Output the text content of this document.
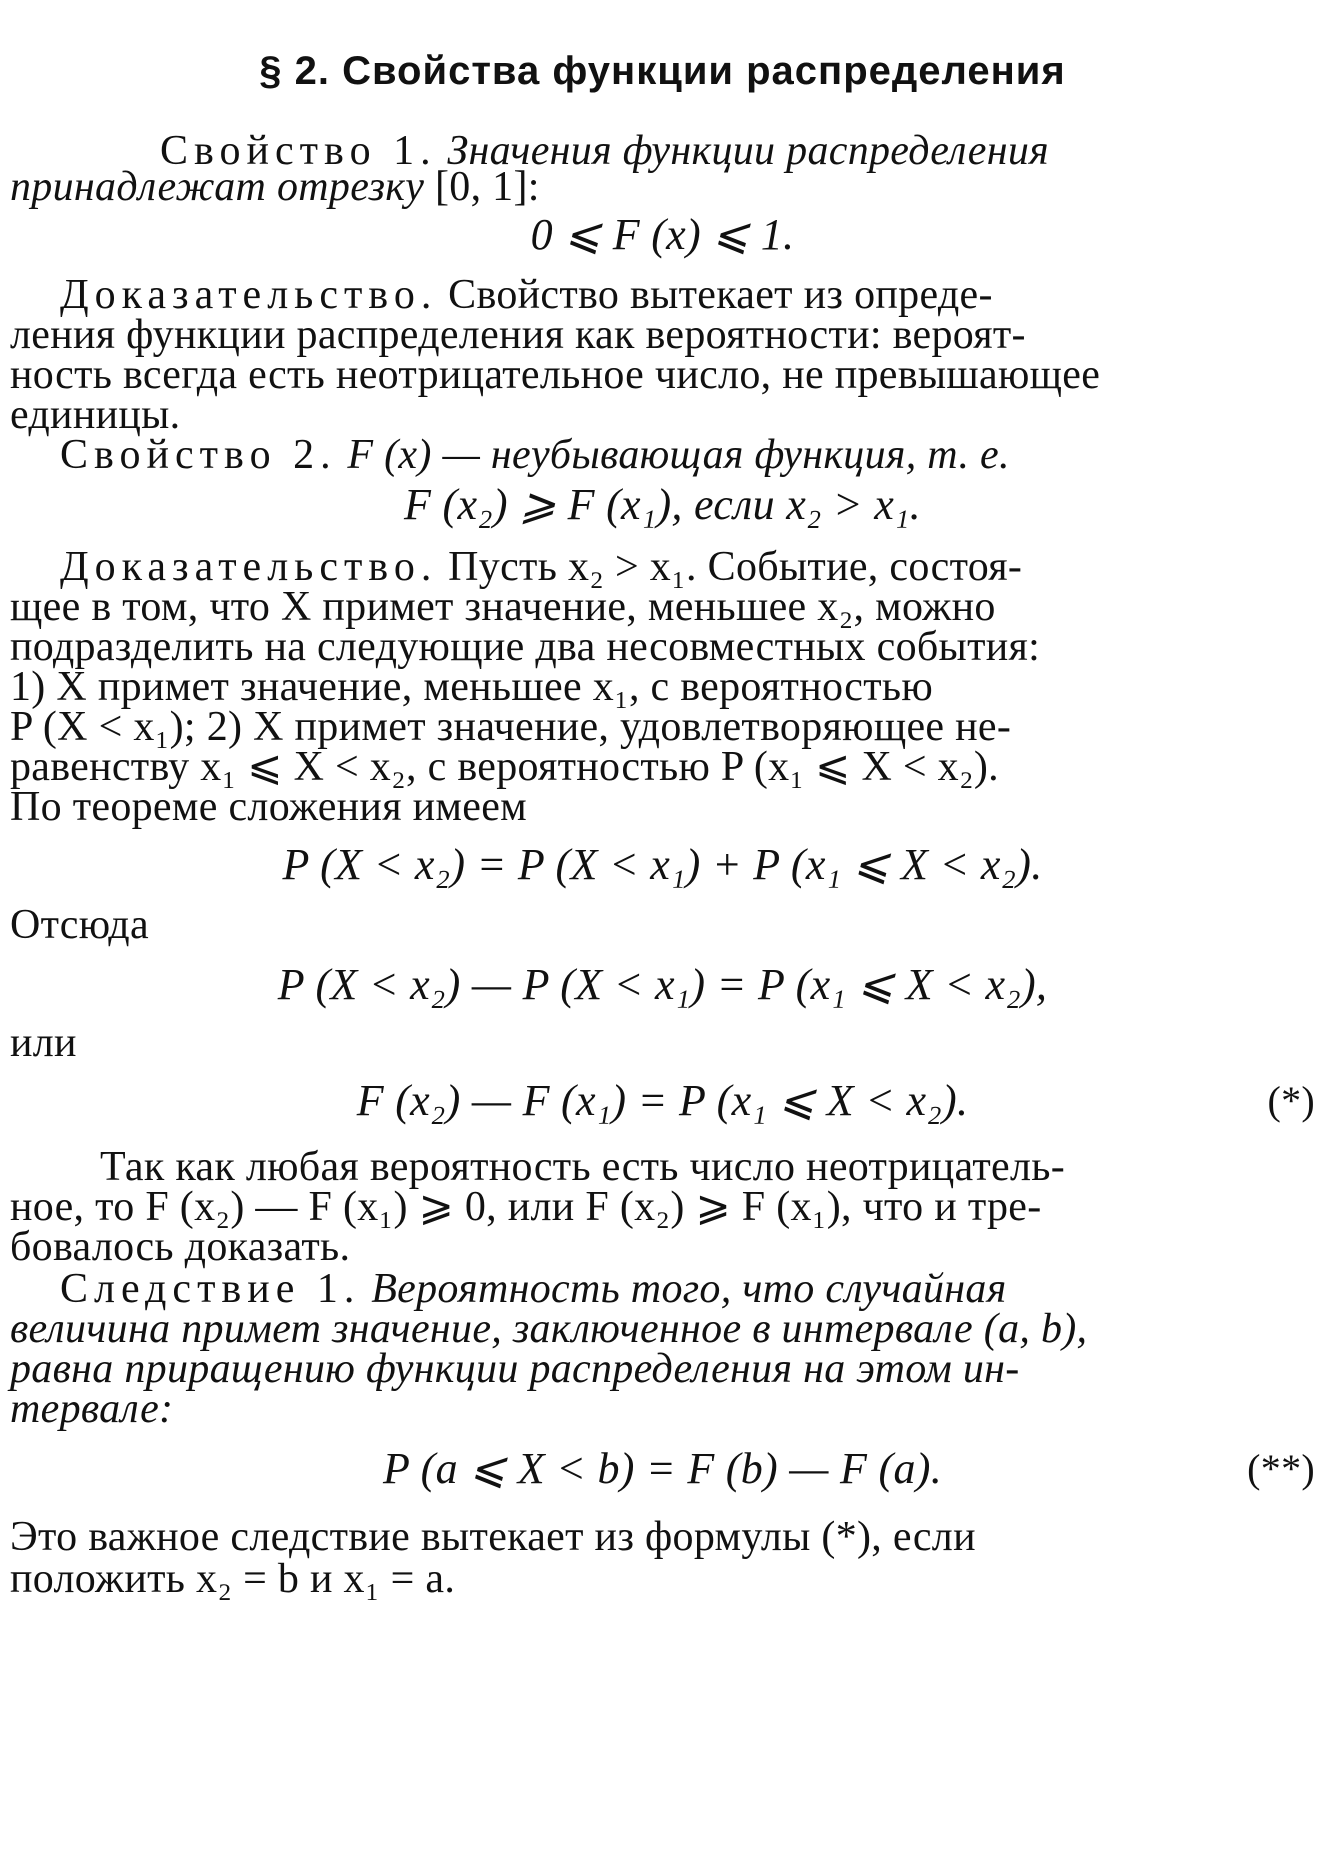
§ 2. Свойства функции распределения
Свойство 1. Значения функции распределения
принадлежат отрезку [0, 1]:
0 ⩽ F (x) ⩽ 1.
Доказательство. Свойство вытекает из опреде-
ления функции распределения как вероятности: вероят-
ность всегда есть неотрицательное число, не превышающее
единицы.
Свойство 2. F (x) — неубывающая функция, т. е.
F (x₂) ⩾ F (x₁), если x₂ > x₁.
Доказательство. Пусть x₂ > x₁. Событие, состоя-
щее в том, что X примет значение, меньшее x₂, можно
подразделить на следующие два несовместных события:
1) X примет значение, меньшее x₁, с вероятностью
P (X < x₁); 2) X примет значение, удовлетворяющее не-
равенству x₁ ⩽ X < x₂, с вероятностью P (x₁ ⩽ X < x₂).
По теореме сложения имеем
P (X < x₂) = P (X < x₁) + P (x₁ ⩽ X < x₂).
Отсюда
P (X < x₂) — P (X < x₁) = P (x₁ ⩽ X < x₂),
или
F (x₂) — F (x₁) = P (x₁ ⩽ X < x₂).	(*)
Так как любая вероятность есть число неотрицатель-
ное, то F (x₂) — F (x₁) ⩾ 0, или F (x₂) ⩾ F (x₁), что и тре-
бовалось доказать.
Следствие 1. Вероятность того, что случайная
величина примет значение, заключенное в интервале (a, b),
равна приращению функции распределения на этом ин-
тервале:
P (a ⩽ X < b) = F (b) — F (a).	(**)
Это важное следствие вытекает из формулы (*), если
положить x₂ = b и x₁ = a.
